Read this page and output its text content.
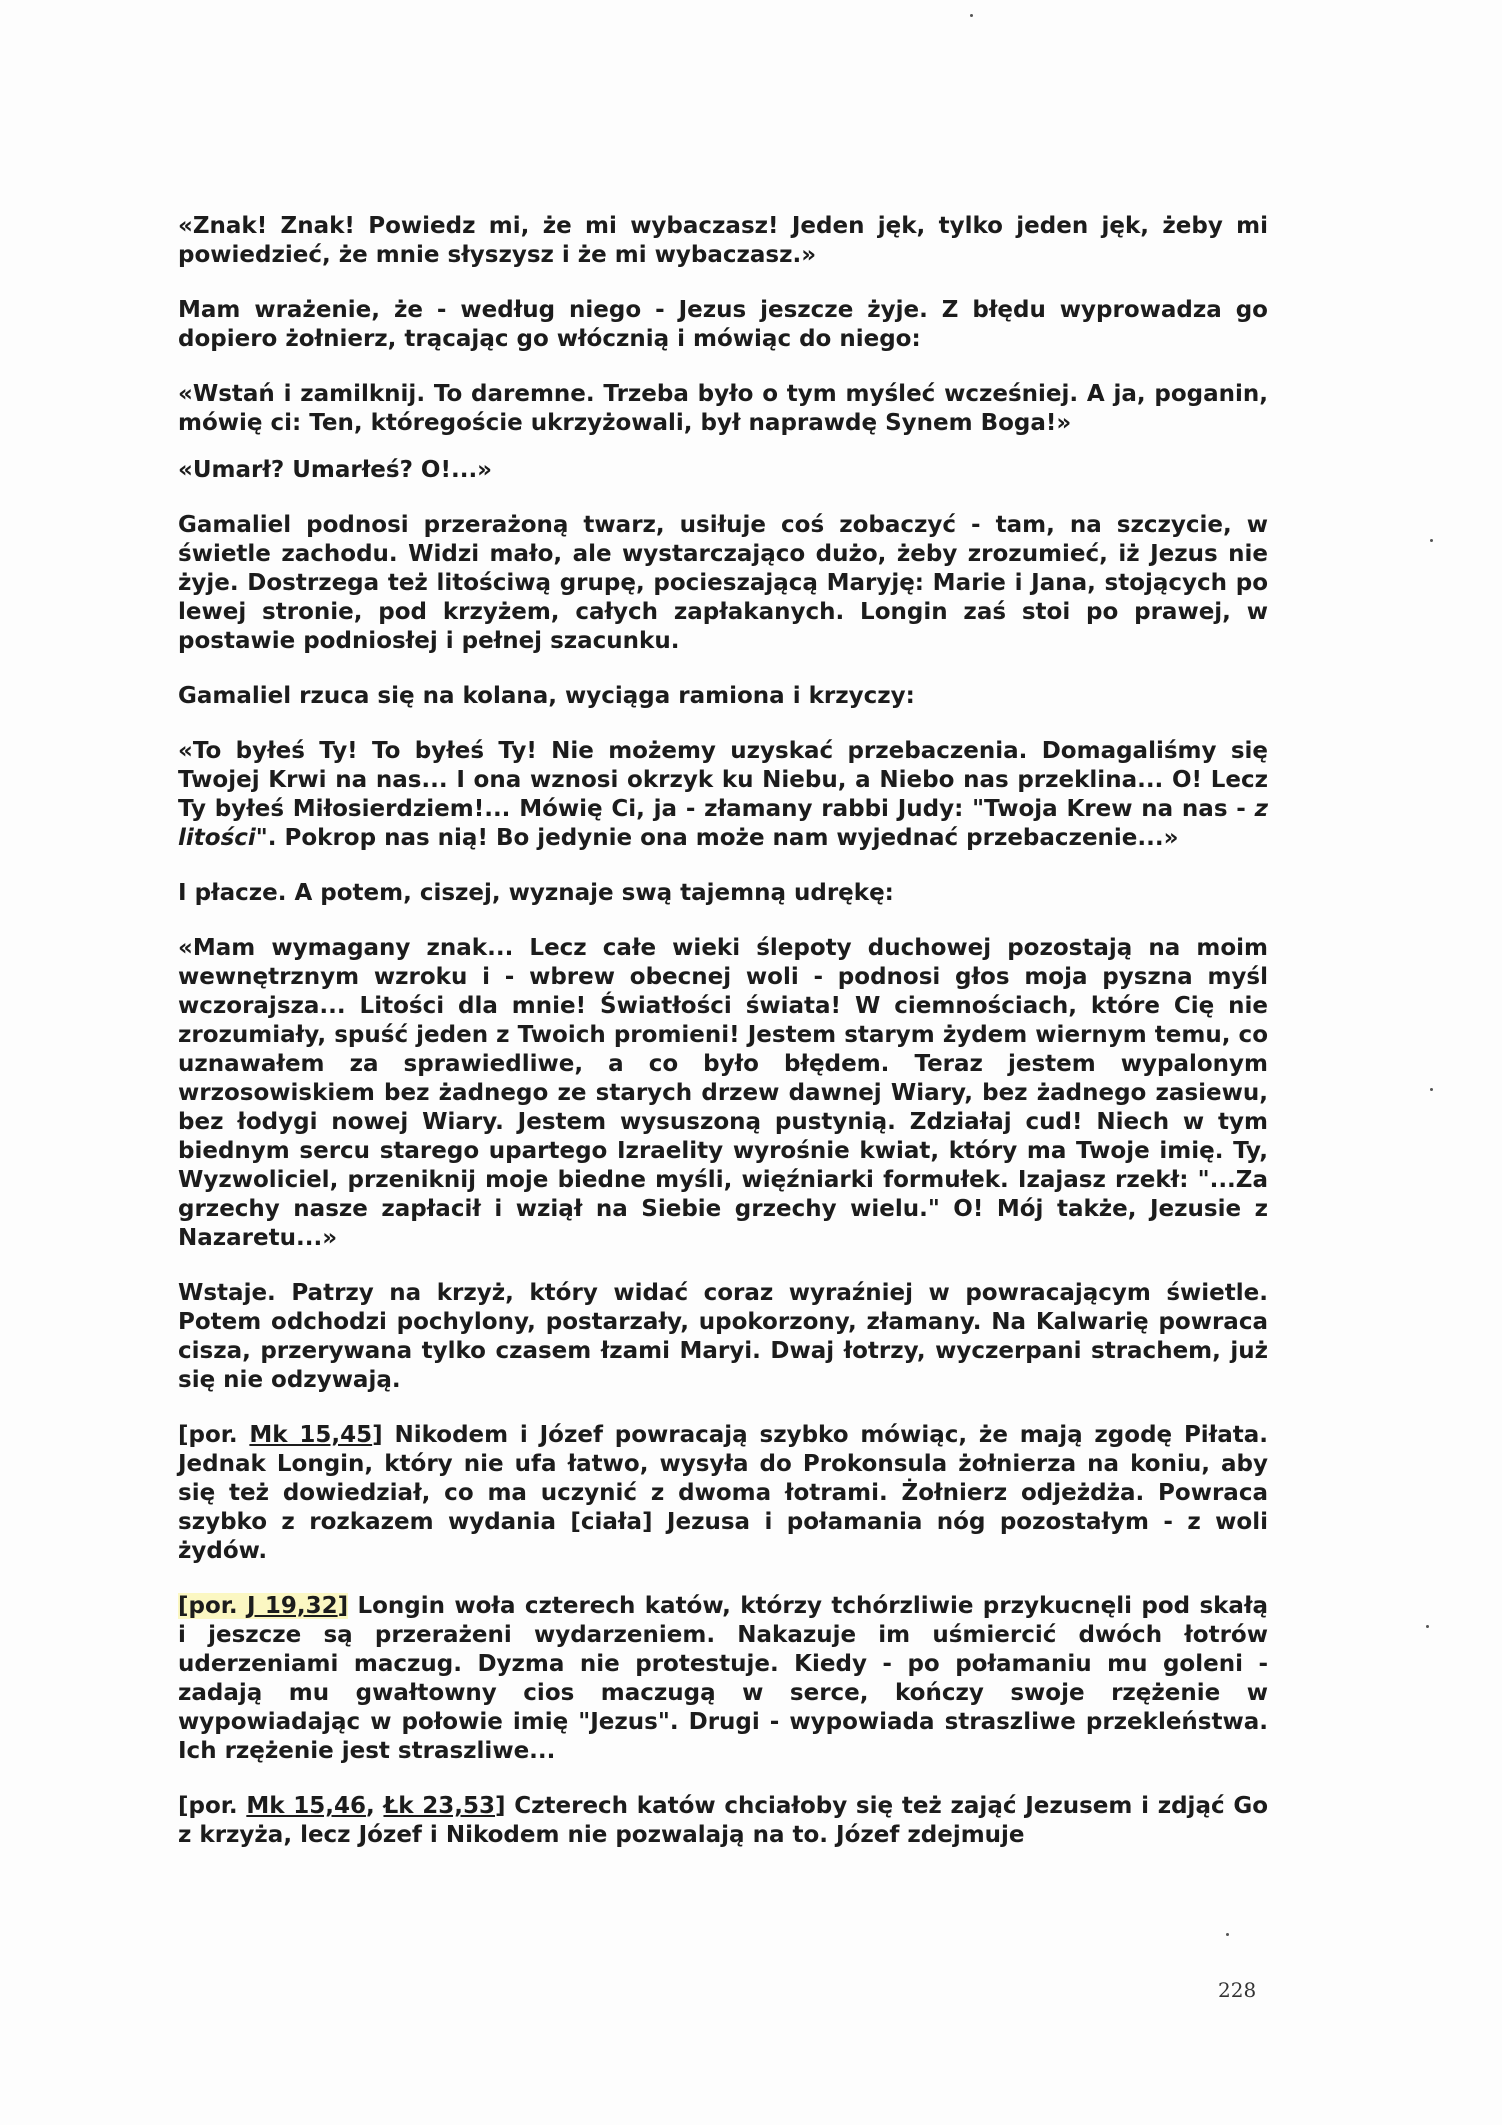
«Znak! Znak! Powiedz mi, że mi wybaczasz! Jeden jęk, tylko jeden jęk, żeby mi powiedzieć, że mnie słyszysz i że mi wybaczasz.»

Mam wrażenie, że - według niego - Jezus jeszcze żyje. Z błędu wyprowadza go dopiero żołnierz, trącając go włócznią i mówiąc do niego:

«Wstań i zamilknij. To daremne. Trzeba było o tym myśleć wcześniej. A ja, poganin, mówię ci: Ten, któregoście ukrzyżowali, był naprawdę Synem Boga!»

«Umarł? Umarłeś? O!...»

Gamaliel podnosi przerażoną twarz, usiłuje coś zobaczyć - tam, na szczycie, w świetle zachodu. Widzi mało, ale wystarczająco dużo, żeby zrozumieć, iż Jezus nie żyje. Dostrzega też litościwą grupę, pocieszającą Maryję: Marie i Jana, stojących po lewej stronie, pod krzyżem, całych zapłakanych. Longin zaś stoi po prawej, w postawie podniosłej i pełnej szacunku.

Gamaliel rzuca się na kolana, wyciąga ramiona i krzyczy:

«To byłeś Ty! To byłeś Ty! Nie możemy uzyskać przebaczenia. Domagaliśmy się Twojej Krwi na nas... I ona wznosi okrzyk ku Niebu, a Niebo nas przeklina... O! Lecz Ty byłeś Miłosierdziem!... Mówię Ci, ja - złamany rabbi Judy: "Twoja Krew na nas - z litości". Pokrop nas nią! Bo jedynie ona może nam wyjednać przebaczenie...»

I płacze. A potem, ciszej, wyznaje swą tajemną udrękę:

«Mam wymagany znak... Lecz całe wieki ślepoty duchowej pozostają na moim wewnętrznym wzroku i - wbrew obecnej woli - podnosi głos moja pyszna myśl wczorajsza... Litości dla mnie! Światłości świata! W ciemnościach, które Cię nie zrozumiały, spuść jeden z Twoich promieni! Jestem starym żydem wiernym temu, co uznawałem za sprawiedliwe, a co było błędem. Teraz jestem wypalonym wrzosowiskiem bez żadnego ze starych drzew dawnej Wiary, bez żadnego zasiewu, bez łodygi nowej Wiary. Jestem wysuszoną pustynią. Zdziałaj cud! Niech w tym biednym sercu starego upartego Izraelity wyrośnie kwiat, który ma Twoje imię. Ty, Wyzwoliciel, przeniknij moje biedne myśli, więźniarki formułek. Izajasz rzekł: "...Za grzechy nasze zapłacił i wziął na Siebie grzechy wielu." O! Mój także, Jezusie z Nazaretu...»

Wstaje. Patrzy na krzyż, który widać coraz wyraźniej w powracającym świetle. Potem odchodzi pochylony, postarzały, upokorzony, złamany. Na Kalwarię powraca cisza, przerywana tylko czasem łzami Maryi. Dwaj łotrzy, wyczerpani strachem, już się nie odzywają.

[por. Mk 15,45] Nikodem i Józef powracają szybko mówiąc, że mają zgodę Piłata. Jednak Longin, który nie ufa łatwo, wysyła do Prokonsula żołnierza na koniu, aby się też dowiedział, co ma uczynić z dwoma łotrami. Żołnierz odjeżdża. Powraca szybko z rozkazem wydania [ciała] Jezusa i połamania nóg pozostałym - z woli żydów.

[por. J 19,32] Longin woła czterech katów, którzy tchórzliwie przykucnęli pod skałą i jeszcze są przerażeni wydarzeniem. Nakazuje im uśmiercić dwóch łotrów uderzeniami maczug. Dyzma nie protestuje. Kiedy - po połamaniu mu goleni - zadają mu gwałtowny cios maczugą w serce, kończy swoje rzężenie w wypowiadając w połowie imię "Jezus". Drugi - wypowiada straszliwe przekleństwa. Ich rzężenie jest straszliwe...

[por. Mk 15,46, Łk 23,53] Czterech katów chciałoby się też zająć Jezusem i zdjąć Go z krzyża, lecz Józef i Nikodem nie pozwalają na to. Józef zdejmuje

228
